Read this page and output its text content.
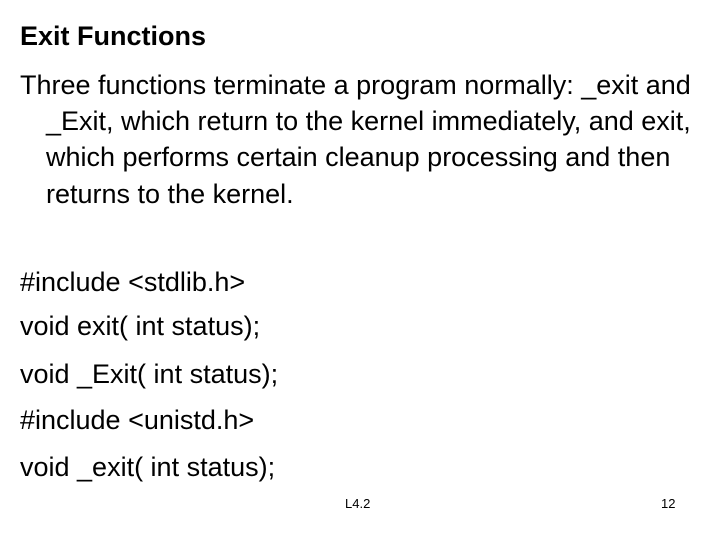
Exit Functions

Three functions terminate a program normally: _exit and _Exit, which return to the kernel immediately, and exit, which performs certain cleanup processing and then returns to the kernel.

#include <stdlib.h>
void exit( int status);
void _Exit( int status);
#include <unistd.h>
void _exit( int status);
L4.2	12
